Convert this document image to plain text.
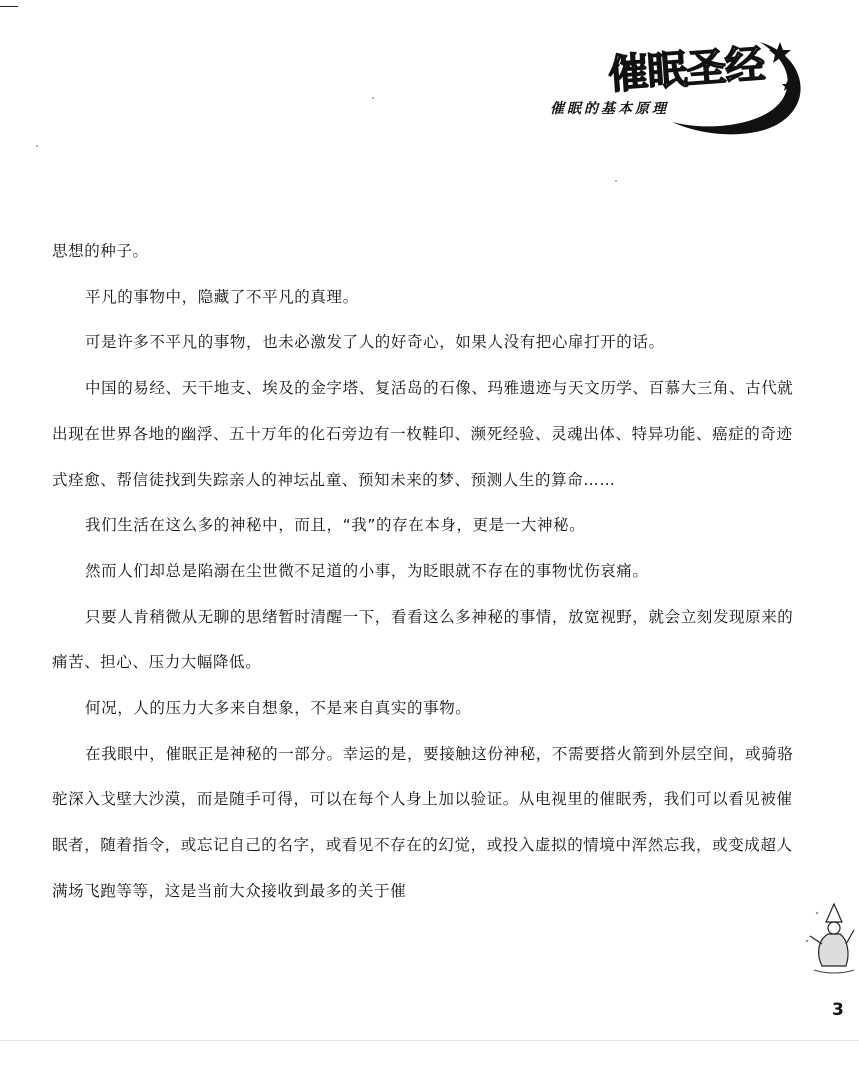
催眠圣经
催眠的基本原理

思想的种子。

平凡的事物中，隐藏了不平凡的真理。

可是许多不平凡的事物，也未必激发了人的好奇心，如果人没有把心扉打开的话。

中国的易经、天干地支、埃及的金字塔、复活岛的石像、玛雅遗迹与天文历学、百慕大三角、古代就出现在世界各地的幽浮、五十万年的化石旁边有一枚鞋印、濒死经验、灵魂出体、特异功能、癌症的奇迹式痊愈、帮信徒找到失踪亲人的神坛乩童、预知未来的梦、预测人生的算命……

我们生活在这么多的神秘中，而且，“我”的存在本身，更是一大神秘。

然而人们却总是陷溺在尘世微不足道的小事，为眨眼就不存在的事物忧伤哀痛。

只要人肯稍微从无聊的思绪暂时清醒一下，看看这么多神秘的事情，放宽视野，就会立刻发现原来的痛苦、担心、压力大幅降低。

何况，人的压力大多来自想象，不是来自真实的事物。

在我眼中，催眠正是神秘的一部分。幸运的是，要接触这份神秘，不需要搭火箭到外层空间，或骑骆驼深入戈壁大沙漠，而是随手可得，可以在每个人身上加以验证。从电视里的催眠秀，我们可以看见被催眠者，随着指令，或忘记自己的名字，或看见不存在的幻觉，或投入虚拟的情境中浑然忘我，或变成超人满场飞跑等等，这是当前大众接收到最多的关于催

3
